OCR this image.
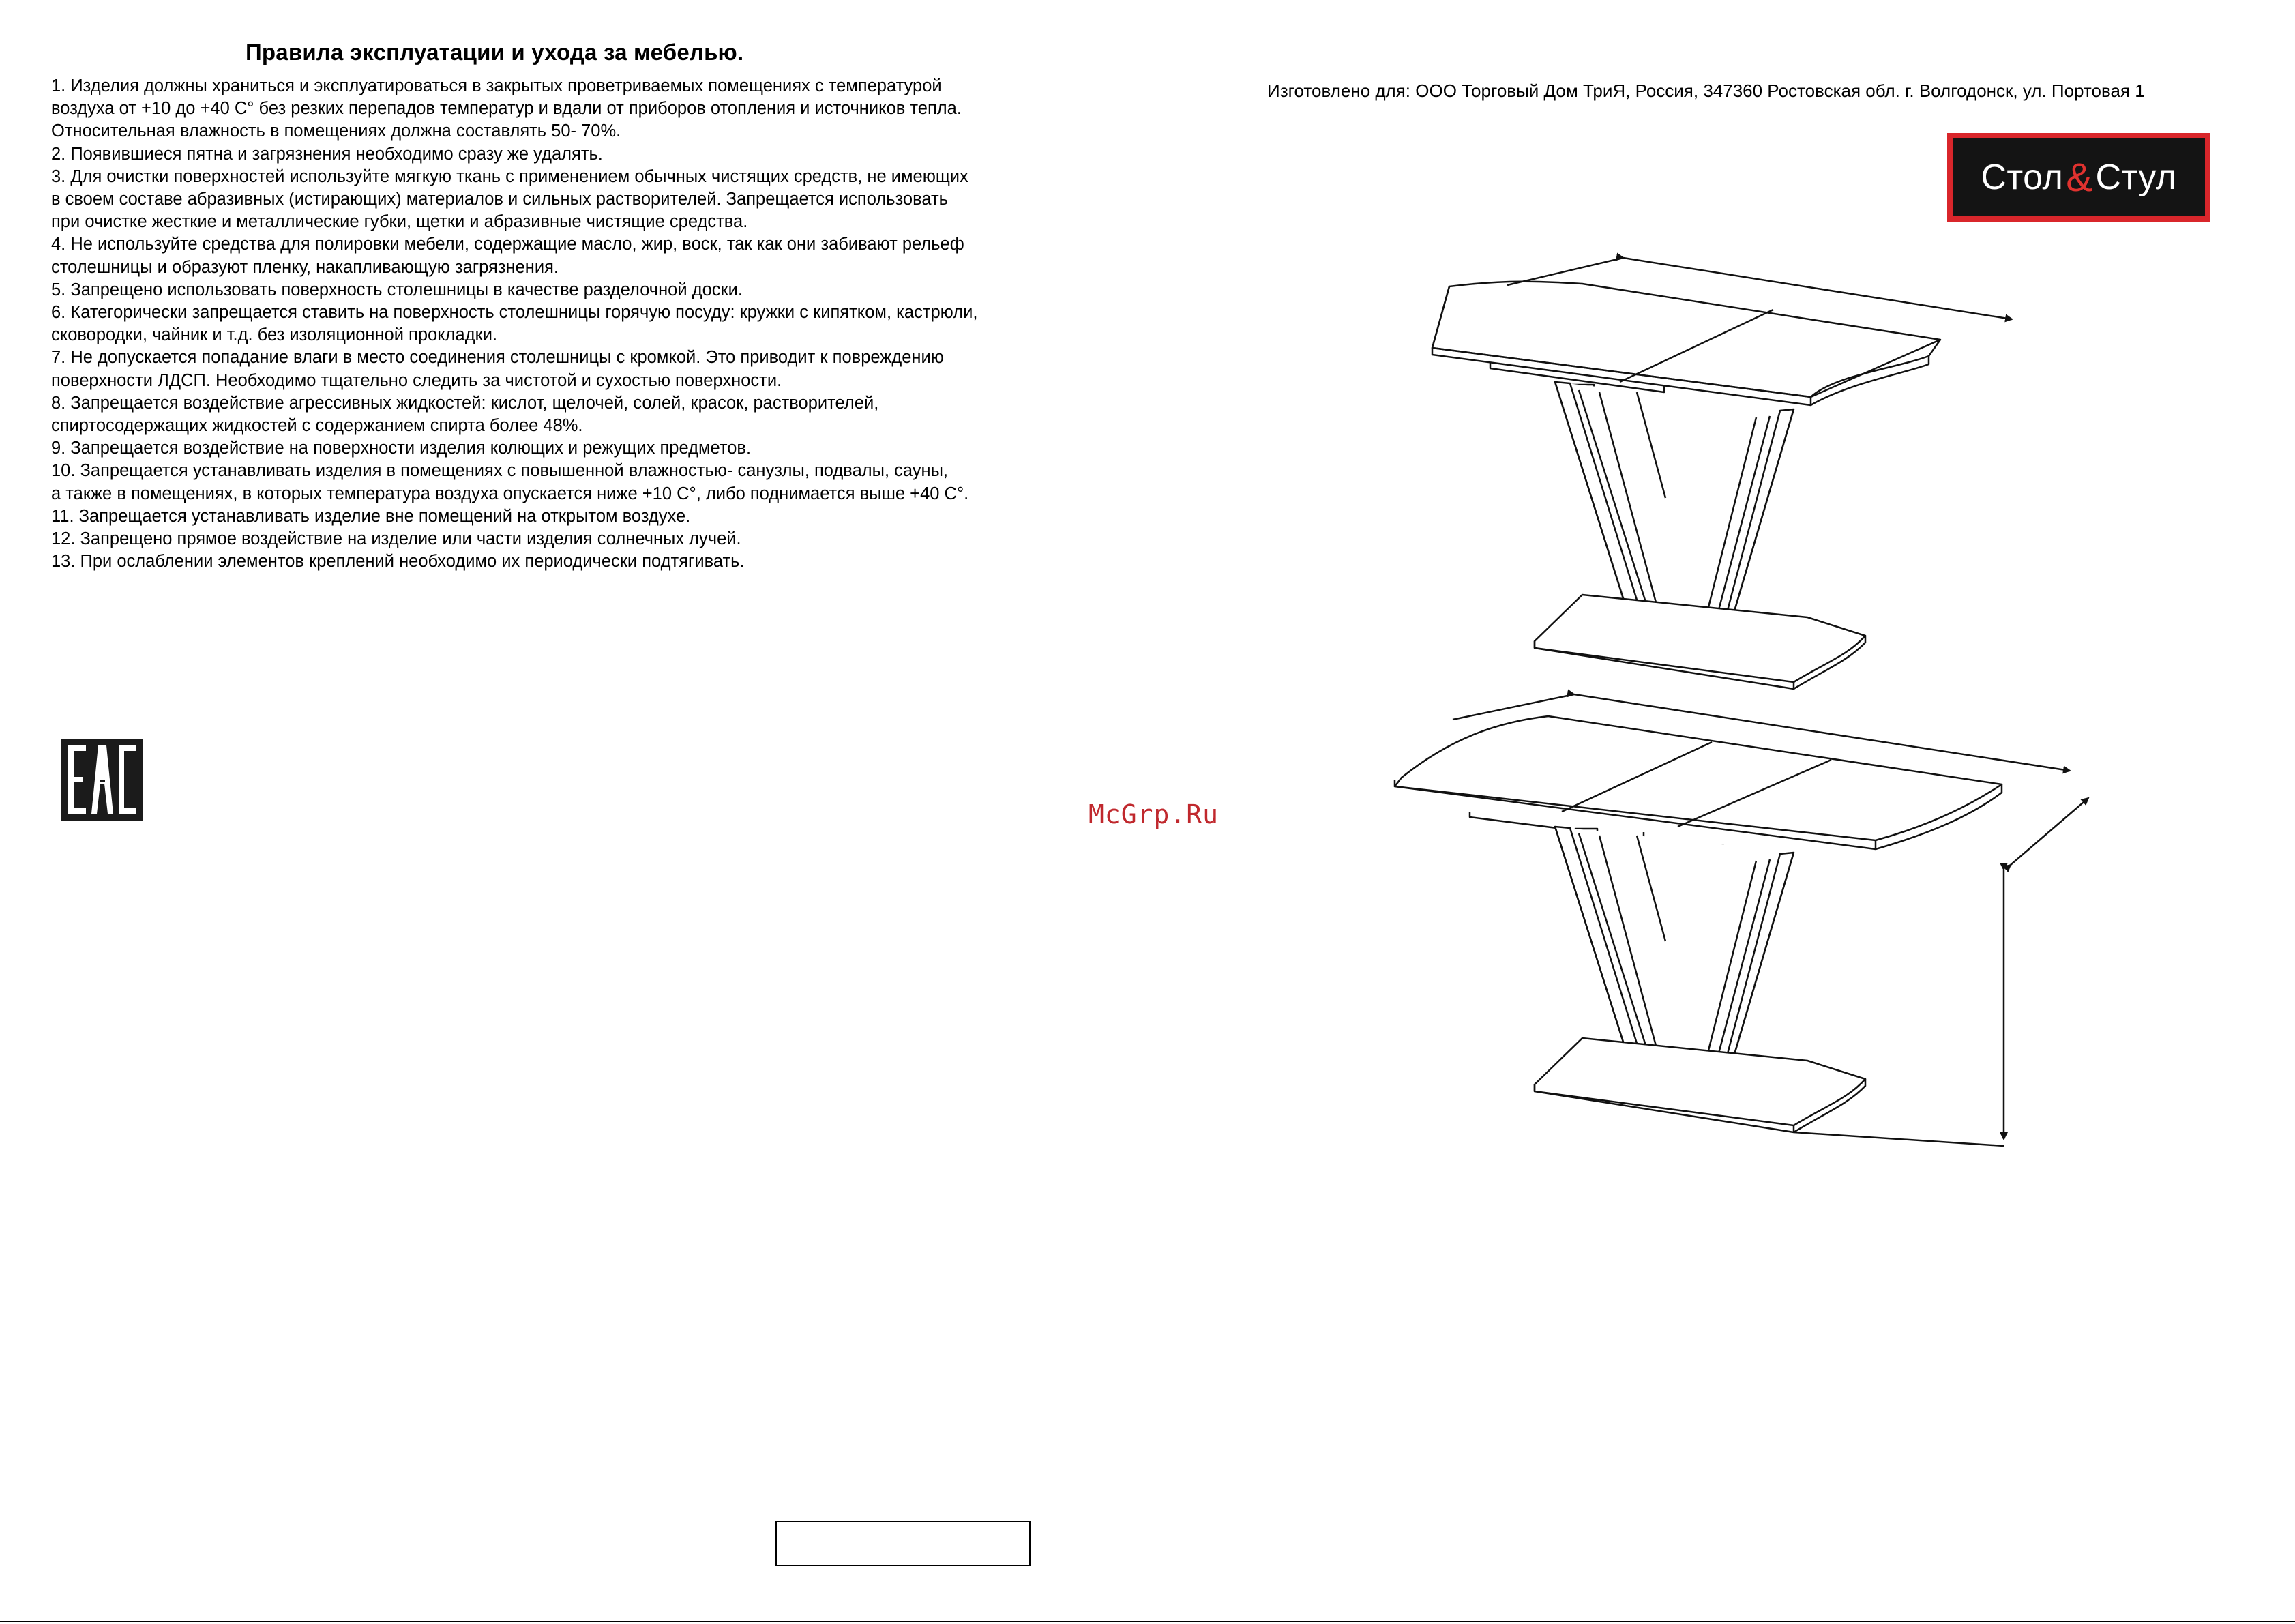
Правила эксплуатации и ухода за мебелью.
1. Изделия должны храниться и эксплуатироваться в закрытых проветриваемых помещениях с температурой
воздуха от +10 до +40 С° без резких перепадов температур и вдали от приборов отопления и источников тепла.
Относительная влажность в помещениях должна составлять 50- 70%.
2. Появившиеся пятна и загрязнения необходимо сразу же удалять.
3. Для очистки поверхностей используйте мягкую ткань с применением обычных чистящих средств, не имеющих
в своем составе абразивных (истирающих) материалов и сильных растворителей. Запрещается использовать
при очистке жесткие и металлические губки, щетки и абразивные чистящие средства.
4. Не используйте средства для полировки мебели, содержащие масло, жир, воск, так как они забивают рельеф
столешницы и образуют пленку, накапливающую загрязнения.
5. Запрещено использовать поверхность столешницы в качестве разделочной доски.
6. Категорически запрещается ставить на поверхность столешницы горячую посуду: кружки с кипятком, кастрюли,
сковородки, чайник и т.д. без изоляционной прокладки.
7. Не допускается попадание влаги в место соединения столешницы с кромкой. Это приводит к повреждению
поверхности ЛДСП. Необходимо тщательно следить за чистотой и сухостью поверхности.
8. Запрещается воздействие агрессивных жидкостей: кислот, щелочей, солей, красок, растворителей,
спиртосодержащих жидкостей с содержанием спирта более 48%.
9. Запрещается воздействие на поверхности изделия колющих и режущих предметов.
10. Запрещается устанавливать изделия в помещениях с повышенной влажностью- санузлы, подвалы, сауны,
а также в помещениях, в которых температура воздуха опускается ниже +10 С°, либо поднимается выше +40 С°.
11. Запрещается устанавливать изделие вне помещений на открытом воздухе.
12. Запрещено прямое воздействие на изделие или части изделия солнечных лучей.
13. При ослаблении элементов креплений необходимо их периодически подтягивать.
Изготовлено для: ООО Торговый Дом ТриЯ, Россия, 347360 Ростовская обл. г. Волгодонск, ул. Портовая 1
Стол & Стул
McGrp.Ru
